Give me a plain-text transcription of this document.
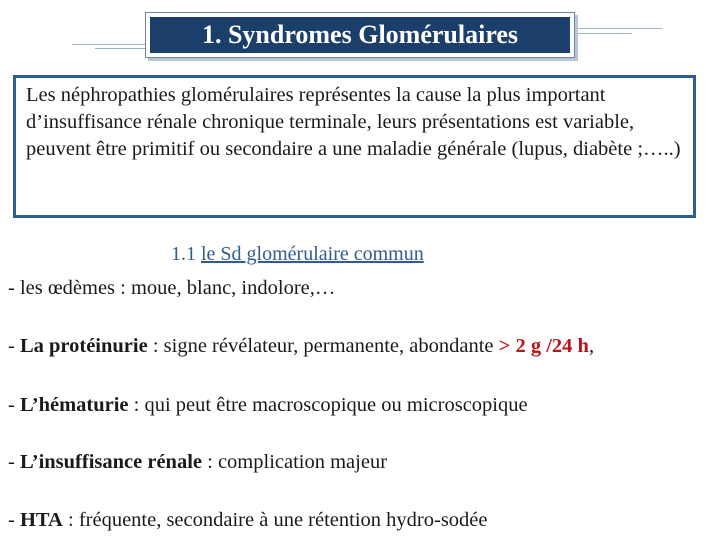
1. Syndromes Glomérulaires
Les néphropathies glomérulaires représentes la cause la plus important d’insuffisance rénale chronique terminale, leurs présentations est variable, peuvent être primitif ou secondaire a une maladie générale (lupus, diabète ;…..)
1.1 le Sd glomérulaire commun
- les œdèmes : moue, blanc, indolore,…
- La protéinurie : signe révélateur, permanente, abondante > 2 g /24 h,
- L’hématurie : qui peut être macroscopique ou microscopique
- L’insuffisance rénale : complication majeur
- HTA : fréquente, secondaire à une rétention hydro-sodée
